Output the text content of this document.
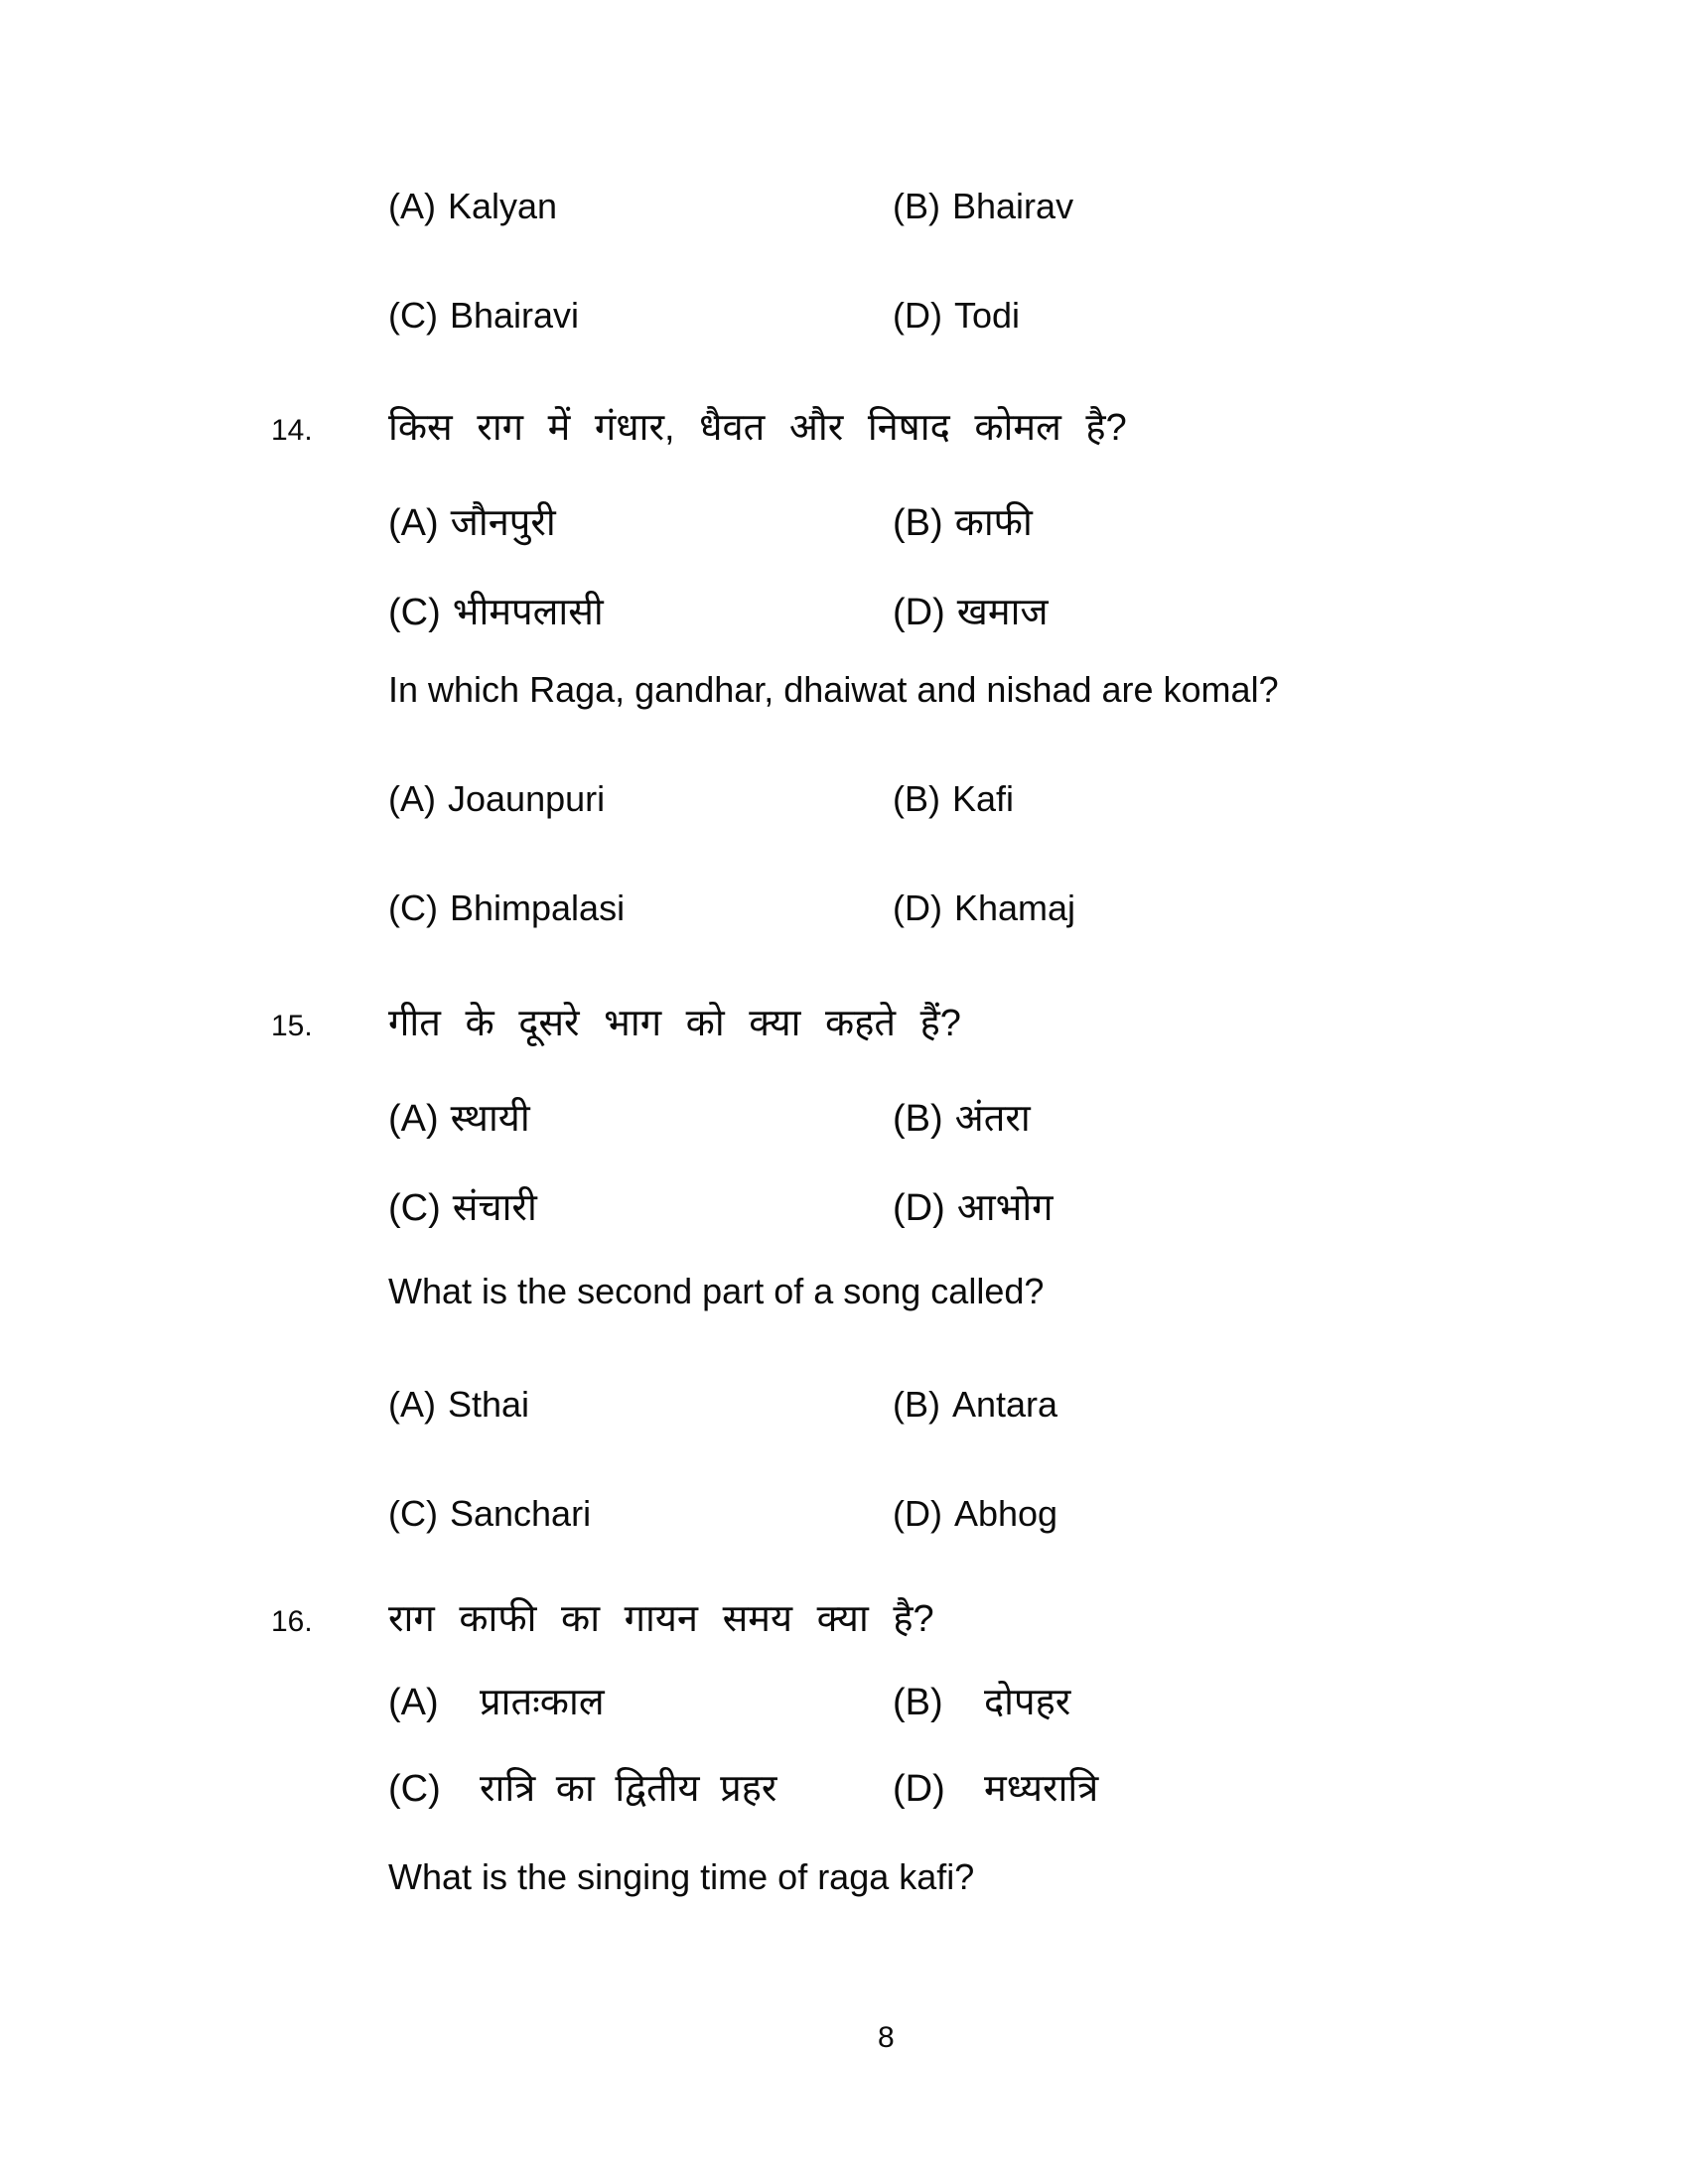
(A) Kalyan	(B) Bhairav
(C) Bhairavi	(D) Todi
14. किस राग में गंधार, धैवत और निषाद कोमल है?
(A) जौनपुरी	(B) काफी
(C) भीमपलासी	(D) खमाज
In which Raga, gandhar, dhaiwat and nishad are komal?
(A) Joaunpuri	(B) Kafi
(C) Bhimpalasi	(D) Khamaj
15. गीत के दूसरे भाग को क्या कहते हैं?
(A) स्थायी	(B) अंतरा
(C) संचारी	(D) आभोग
What is the second part of a song called?
(A) Sthai	(B) Antara
(C) Sanchari	(D) Abhog
16. राग काफी का गायन समय क्या है?
(A) प्रातःकाल	(B) दोपहर
(C) रात्रि का द्वितीय प्रहर	(D) मध्यरात्रि
What is the singing time of raga kafi?
8
